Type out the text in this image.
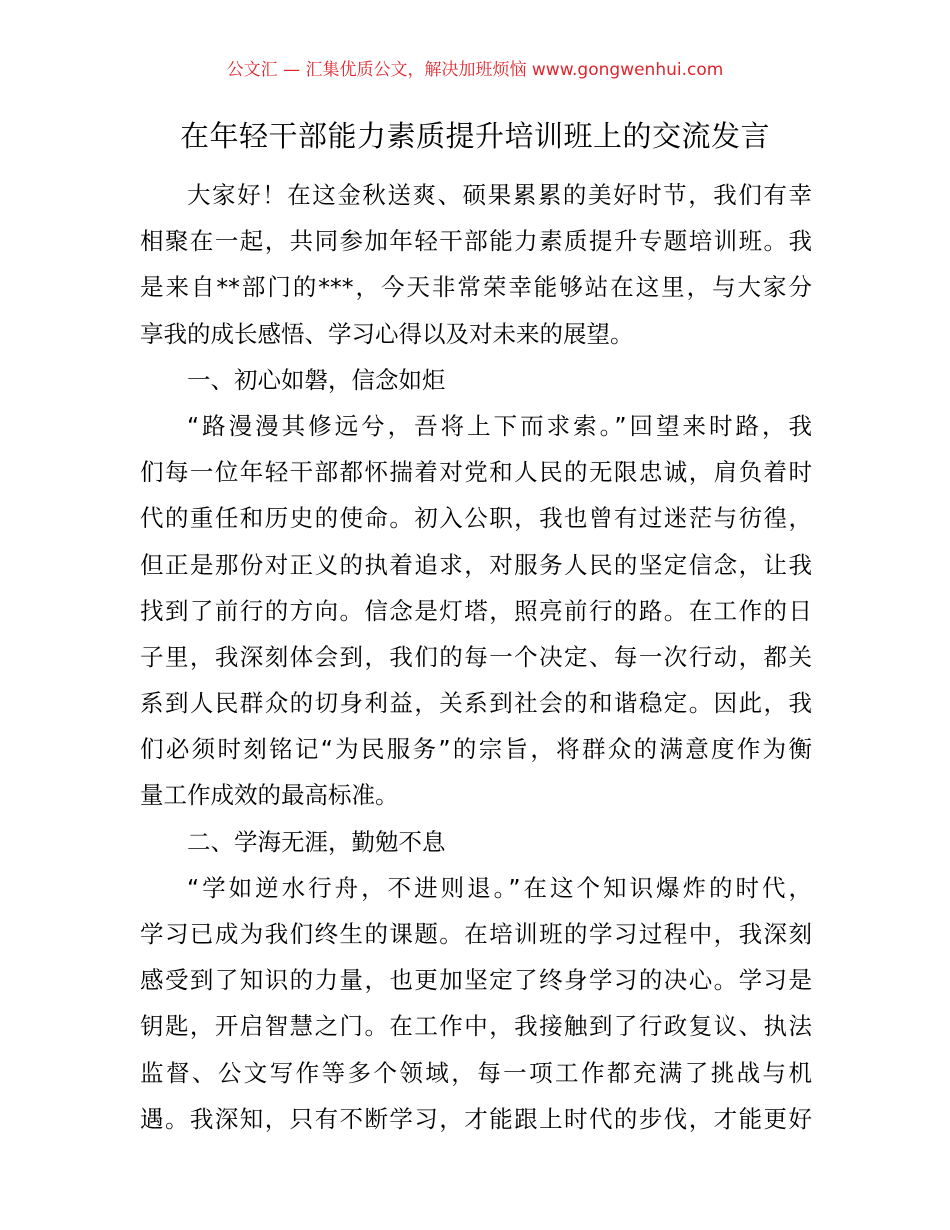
公文汇 — 汇集优质公文，解决加班烦恼 www.gongwenhui.com
在年轻干部能力素质提升培训班上的交流发言
大家好！在这金秋送爽、硕果累累的美好时节，我们有幸
相聚在一起，共同参加年轻干部能力素质提升专题培训班。我
是来自**部门的***，今天非常荣幸能够站在这里，与大家分
享我的成长感悟、学习心得以及对未来的展望。
一、初心如磐，信念如炬
“路漫漫其修远兮，吾将上下而求索。”回望来时路，我
们每一位年轻干部都怀揣着对党和人民的无限忠诚，肩负着时
代的重任和历史的使命。初入公职，我也曾有过迷茫与彷徨，
但正是那份对正义的执着追求，对服务人民的坚定信念，让我
找到了前行的方向。信念是灯塔，照亮前行的路。在工作的日
子里，我深刻体会到，我们的每一个决定、每一次行动，都关
系到人民群众的切身利益，关系到社会的和谐稳定。因此，我
们必须时刻铭记“为民服务”的宗旨，将群众的满意度作为衡
量工作成效的最高标准。
二、学海无涯，勤勉不息
“学如逆水行舟，不进则退。”在这个知识爆炸的时代，
学习已成为我们终生的课题。在培训班的学习过程中，我深刻
感受到了知识的力量，也更加坚定了终身学习的决心。学习是
钥匙，开启智慧之门。在工作中，我接触到了行政复议、执法
监督、公文写作等多个领域，每一项工作都充满了挑战与机
遇。我深知，只有不断学习，才能跟上时代的步伐，才能更好
